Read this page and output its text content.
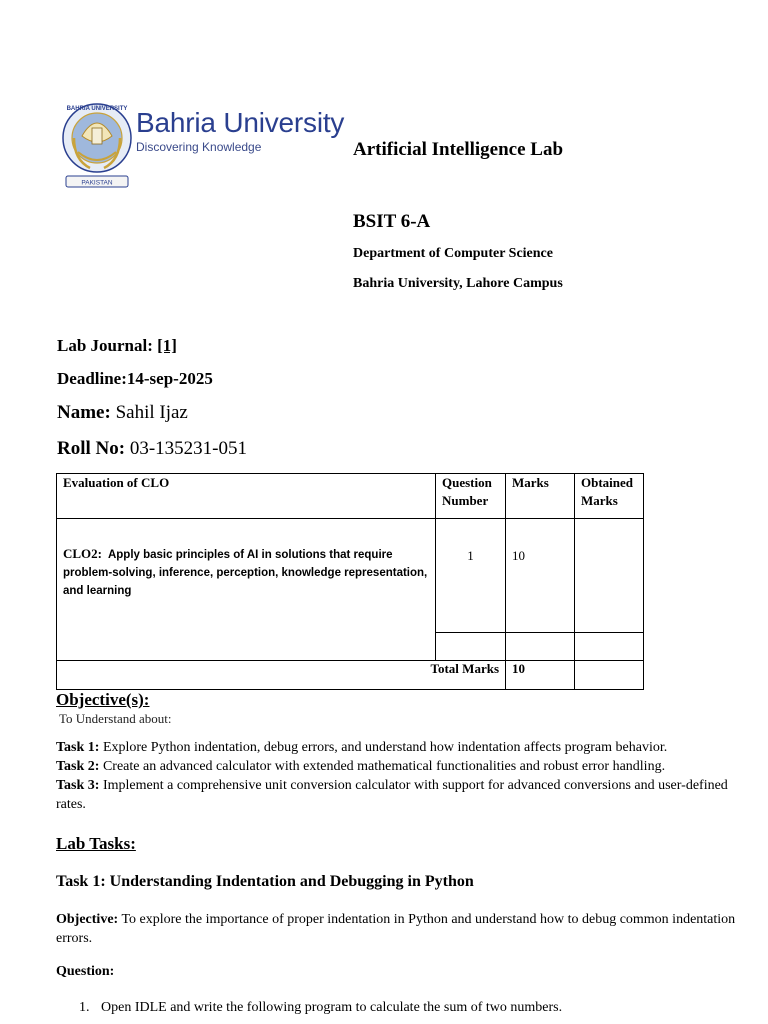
PAKISTAN
BAHRIA UNIVERSITY Bahria University
Discovering Knowledge	Artificial Intelligence Lab
BSIT 6-A
Department of Computer Science
Bahria University, Lahore Campus
Lab Journal: [1]
Deadline:14-sep-2025
Name: Sahil Ijaz
Roll No: 03-135231-051
Evaluation of CLO	Question Number	Marks	Obtained Marks
CLO2: Apply basic principles of AI in solutions that require problem-solving, inference, perception, knowledge representation, and learning	1	10	

Total Marks		10	
Objective(s):
To Understand about:

Task 1: Explore Python indentation, debug errors, and understand how indentation affects program behavior.

Task 2: Create an advanced calculator with extended mathematical functionalities and robust error handling.

Task 3: Implement a comprehensive unit conversion calculator with support for advanced conversions and user-defined rates.

Lab Tasks:
Task 1: Understanding Indentation and Debugging in Python
Objective: To explore the importance of proper indentation in Python and understand how to debug common indentation errors.
Question:
1. Open IDLE and write the following program to calculate the sum of two numbers.
